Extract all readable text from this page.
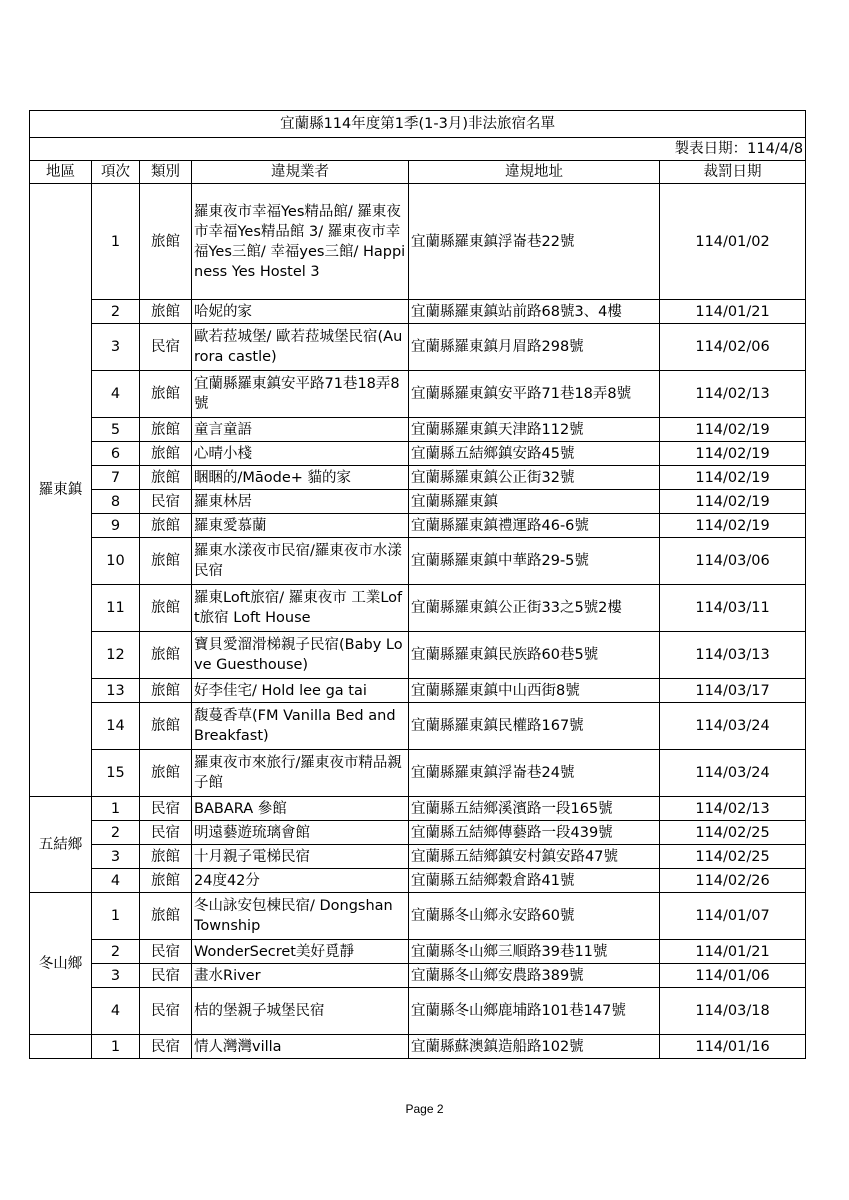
宜蘭縣114年度第1季(1-3月)非法旅宿名單					
製表日期：114/4/8					
地區	項次	類別	違規業者	違規地址	裁罰日期
羅東鎮	1	旅館	羅東夜市幸福Yes精品館/ 羅東夜市幸福Yes精品館 3/ 羅東夜市幸福Yes三館/ 幸福yes三館/ Happiness Yes Hostel 3	宜蘭縣羅東鎮浮崙巷22號	114/01/02
	2	旅館	哈妮的家	宜蘭縣羅東鎮站前路68號3、4樓	114/01/21
	3	民宿	歐若菈城堡/ 歐若菈城堡民宿(Aurora castle)	宜蘭縣羅東鎮月眉路298號	114/02/06
	4	旅館	宜蘭縣羅東鎮安平路71巷18弄8號	宜蘭縣羅東鎮安平路71巷18弄8號	114/02/13
	5	旅館	童言童語	宜蘭縣羅東鎮天津路112號	114/02/19
	6	旅館	心晴小棧	宜蘭縣五結鄉鎮安路45號	114/02/19
	7	旅館	睏睏的/Māode+ 貓的家	宜蘭縣羅東鎮公正街32號	114/02/19
	8	民宿	羅東林居	宜蘭縣羅東鎮	114/02/19
	9	旅館	羅東愛慕蘭	宜蘭縣羅東鎮禮運路46-6號	114/02/19
	10	旅館	羅東水漾夜市民宿/羅東夜市水漾民宿	宜蘭縣羅東鎮中華路29-5號	114/03/06
	11	旅館	羅東Loft旅宿/ 羅東夜市 工業Loft旅宿 Loft House	宜蘭縣羅東鎮公正街33之5號2樓	114/03/11
	12	旅館	寶貝愛溜滑梯親子民宿(Baby Love Guesthouse)	宜蘭縣羅東鎮民族路60巷5號	114/03/13
	13	旅館	好李佳宅/ Hold lee ga tai	宜蘭縣羅東鎮中山西街8號	114/03/17
	14	旅館	馥蔓香草(FM Vanilla Bed and Breakfast)	宜蘭縣羅東鎮民權路167號	114/03/24
	15	旅館	羅東夜市來旅行/羅東夜市精品親子館	宜蘭縣羅東鎮浮崙巷24號	114/03/24
五結鄉	1	民宿	BABARA 參館	宜蘭縣五結鄉溪濱路一段165號	114/02/13
	2	民宿	明遠藝遊琉璃會館	宜蘭縣五結鄉傳藝路一段439號	114/02/25
	3	旅館	十月親子電梯民宿	宜蘭縣五結鄉鎮安村鎮安路47號	114/02/25
	4	旅館	24度42分	宜蘭縣五結鄉穀倉路41號	114/02/26
冬山鄉	1	旅館	冬山詠安包棟民宿/ Dongshan Township	宜蘭縣冬山鄉永安路60號	114/01/07
	2	民宿	WonderSecret美好覓靜	宜蘭縣冬山鄉三順路39巷11號	114/01/21
	3	民宿	畫水River	宜蘭縣冬山鄉安農路389號	114/01/06
	4	民宿	桔的堡親子城堡民宿	宜蘭縣冬山鄉鹿埔路101巷147號	114/03/18
	1	民宿	情人灣灣villa	宜蘭縣蘇澳鎮造船路102號	114/01/16
Page 2
